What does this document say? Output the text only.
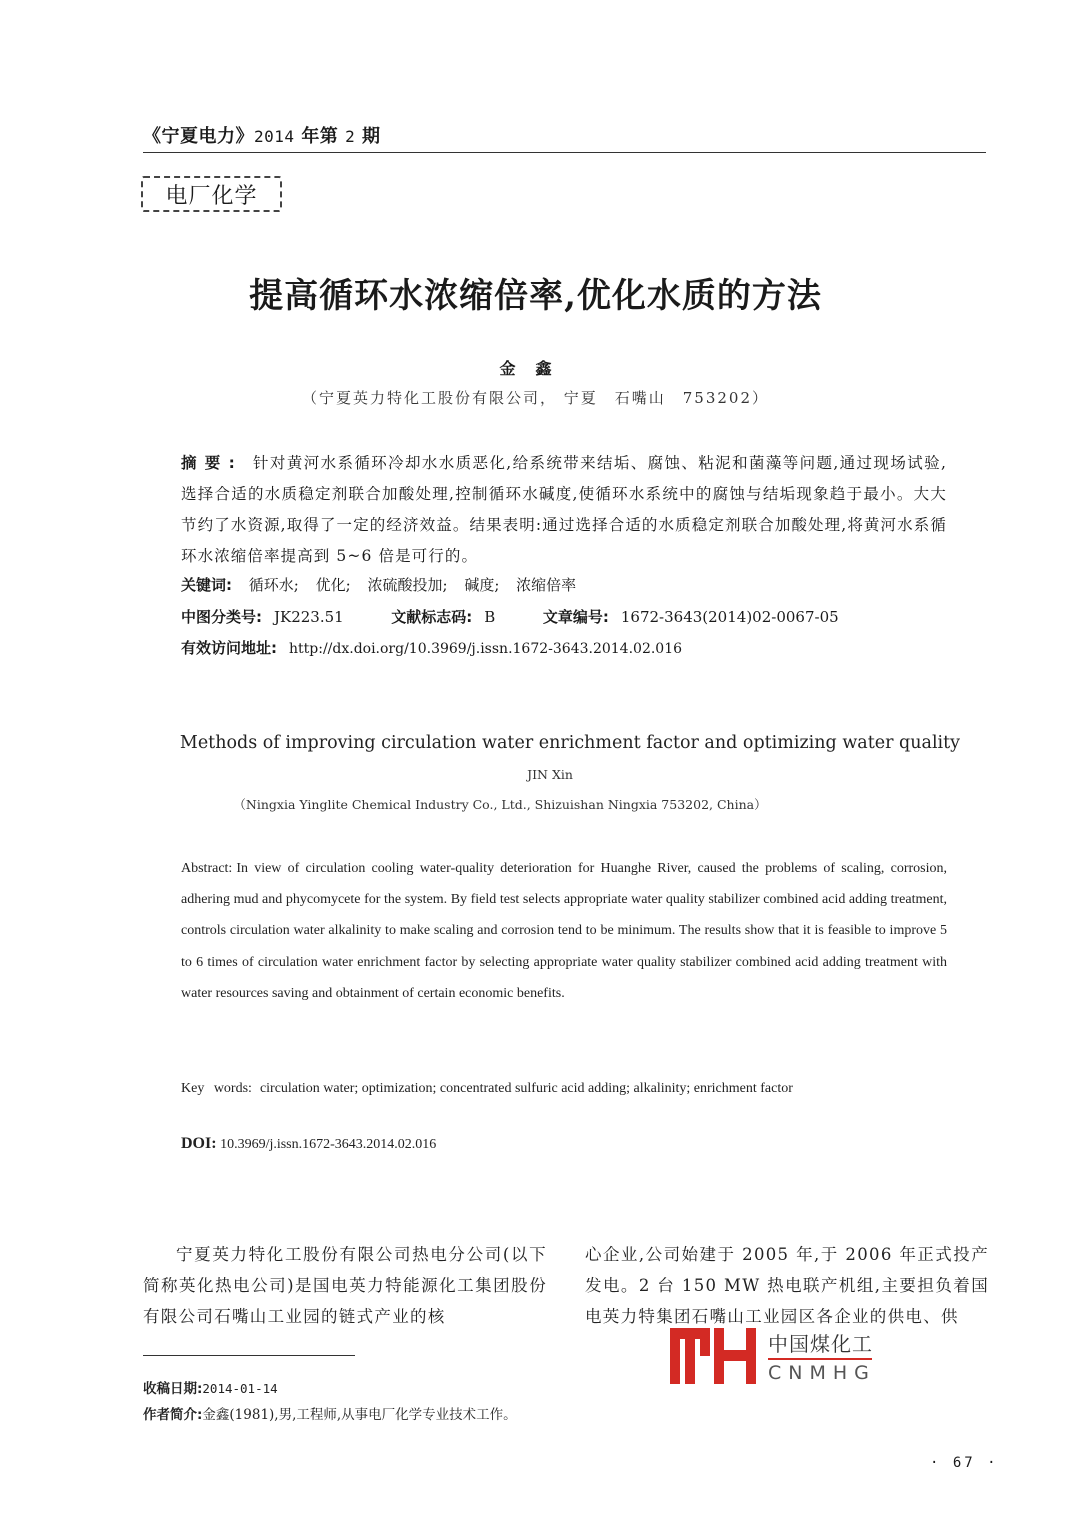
《宁夏电力》2014 年第 2 期
电厂化学
提高循环水浓缩倍率,优化水质的方法
金鑫
（宁夏英力特化工股份有限公司， 宁夏　石嘴山　753202）
摘要: 针对黄河水系循环冷却水水质恶化,给系统带来结垢、腐蚀、粘泥和菌藻等问题,通过现场试验,选择合适的水质稳定剂联合加酸处理,控制循环水碱度,使循环水系统中的腐蚀与结垢现象趋于最小。大大节约了水资源,取得了一定的经济效益。结果表明:通过选择合适的水质稳定剂联合加酸处理,将黄河水系循环水浓缩倍率提高到 5~6 倍是可行的。
关键词: 循环水; 优化; 浓硫酸投加; 碱度; 浓缩倍率
中图分类号: JK223.51	文献标志码: B	文章编号: 1672-3643(2014)02-0067-05
有效访问地址: http://dx.doi.org/10.3969/j.issn.1672-3643.2014.02.016
Methods of improving circulation water enrichment factor and optimizing water quality
JIN Xin
（Ningxia Yinglite Chemical Industry Co., Ltd., Shizuishan Ningxia 753202, China）
Abstract: In view of circulation cooling water-quality deterioration for Huanghe River, caused the problems of scaling, corrosion, adhering mud and phycomycete for the system. By field test selects appropriate water quality stabilizer combined acid adding treatment, controls circulation water alkalinity to make scaling and corrosion tend to be minimum. The results show that it is feasible to improve 5 to 6 times of circulation water enrichment factor by selecting appropriate water quality stabilizer combined acid adding treatment with water resources saving and obtainment of certain economic benefits.
Key words: circulation water; optimization; concentrated sulfuric acid adding; alkalinity; enrichment factor
DOI: 10.3969/j.issn.1672-3643.2014.02.016
宁夏英力特化工股份有限公司热电分公司(以下简称英化热电公司)是国电英力特能源化工集团股份有限公司石嘴山工业园的链式产业的核
心企业,公司始建于 2005 年,于 2006 年正式投产发电。2 台 150 MW 热电联产机组,主要担负着国电英力特集团石嘴山工业园区各企业的供电、供
收稿日期:2014-01-14
作者简介:金鑫(1981),男,工程师,从事电厂化学专业技术工作。
中国煤化工
CNMHG
· 67 ·
